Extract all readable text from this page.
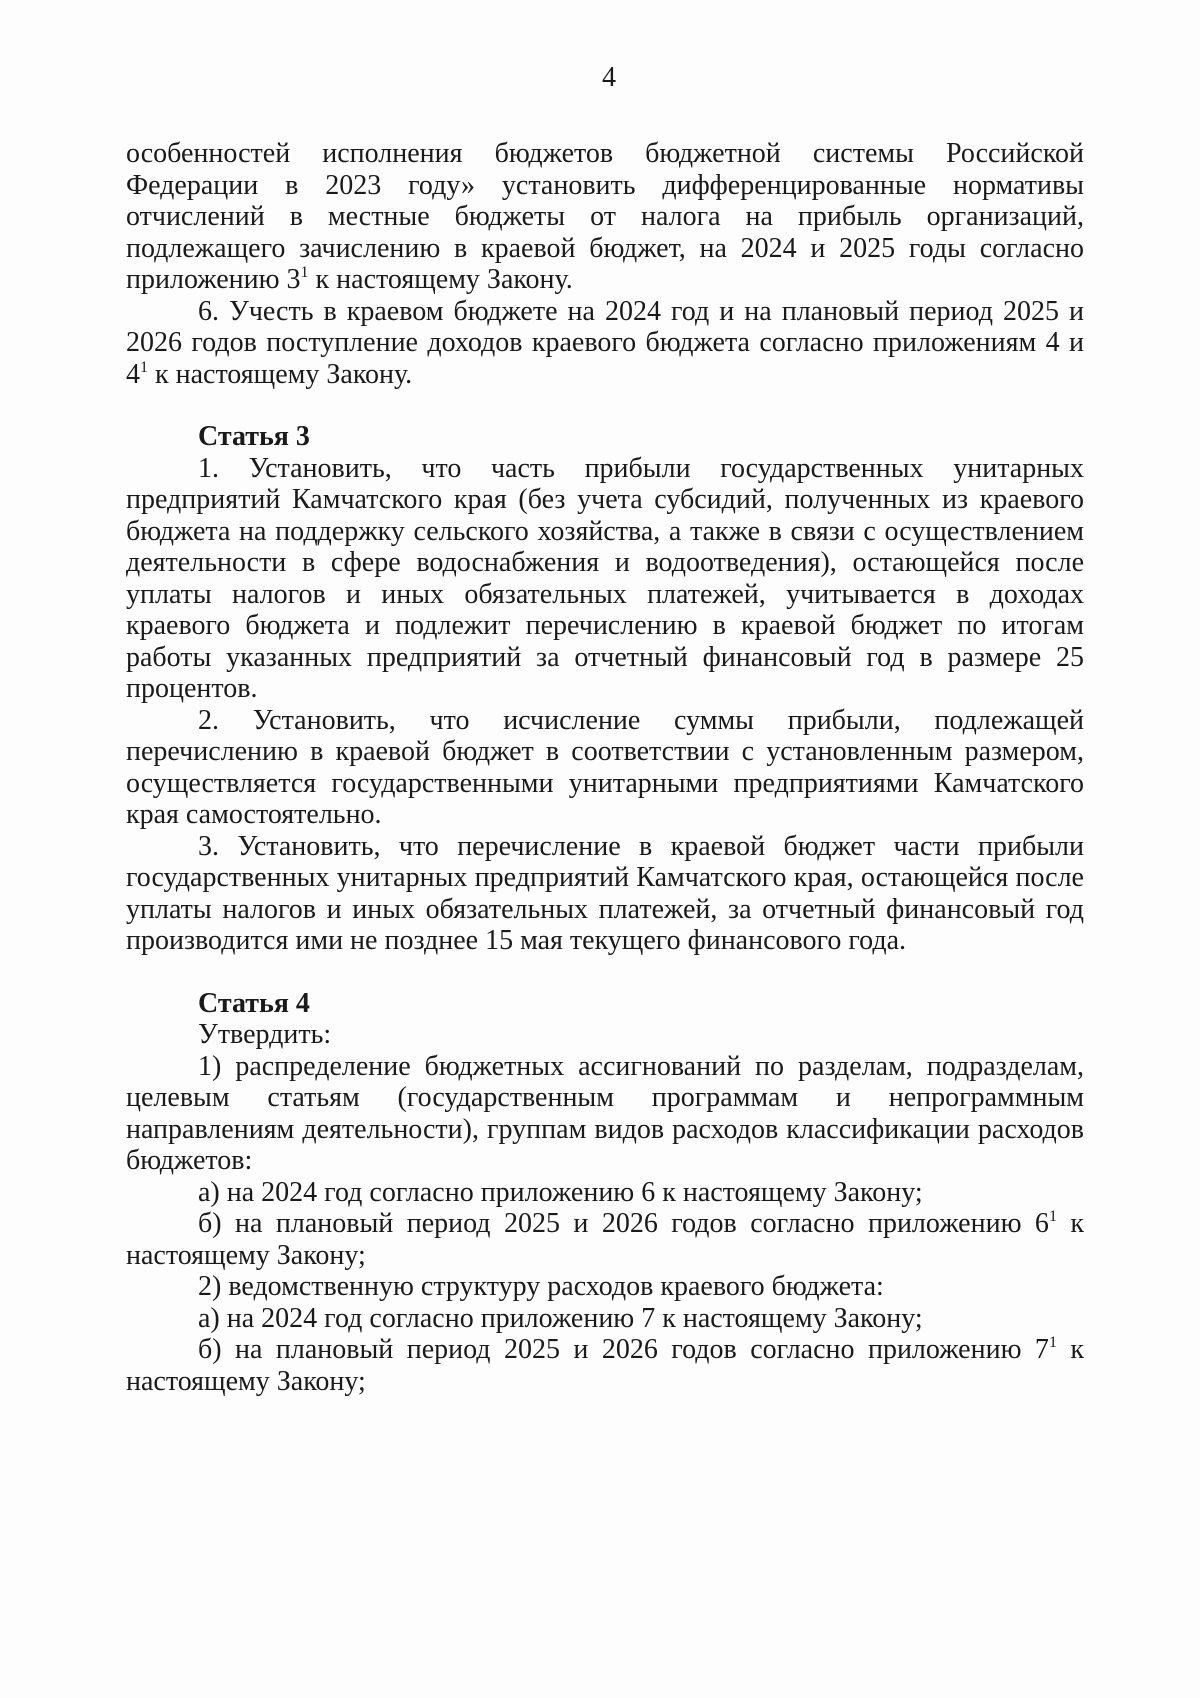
4

особенностей исполнения бюджетов бюджетной системы Российской Федерации в 2023 году» установить дифференцированные нормативы отчислений в местные бюджеты от налога на прибыль организаций, подлежащего зачислению в краевой бюджет, на 2024 и 2025 годы согласно приложению $3^1$ к настоящему Закону.

6. Учесть в краевом бюджете на 2024 год и на плановый период 2025 и 2026 годов поступление доходов краевого бюджета согласно приложениям 4 и $4^1$ к настоящему Закону.

Статья 3

1. Установить, что часть прибыли государственных унитарных предприятий Камчатского края (без учета субсидий, полученных из краевого бюджета на поддержку сельского хозяйства, а также в связи с осуществлением деятельности в сфере водоснабжения и водоотведения), остающейся после уплаты налогов и иных обязательных платежей, учитывается в доходах краевого бюджета и подлежит перечислению в краевой бюджет по итогам работы указанных предприятий за отчетный финансовый год в размере 25 процентов.

2. Установить, что исчисление суммы прибыли, подлежащей перечислению в краевой бюджет в соответствии с установленным размером, осуществляется государственными унитарными предприятиями Камчатского края самостоятельно.

3. Установить, что перечисление в краевой бюджет части прибыли государственных унитарных предприятий Камчатского края, остающейся после уплаты налогов и иных обязательных платежей, за отчетный финансовый год производится ими не позднее 15 мая текущего финансового года.

Статья 4

Утвердить:

1) распределение бюджетных ассигнований по разделам, подразделам, целевым статьям (государственным программам и непрограммным направлениям деятельности), группам видов расходов классификации расходов бюджетов:

а) на 2024 год согласно приложению 6 к настоящему Закону;

б) на плановый период 2025 и 2026 годов согласно приложению $6^1$ к настоящему Закону;

2) ведомственную структуру расходов краевого бюджета:

а) на 2024 год согласно приложению 7 к настоящему Закону;

б) на плановый период 2025 и 2026 годов согласно приложению $7^1$ к настоящему Закону;
